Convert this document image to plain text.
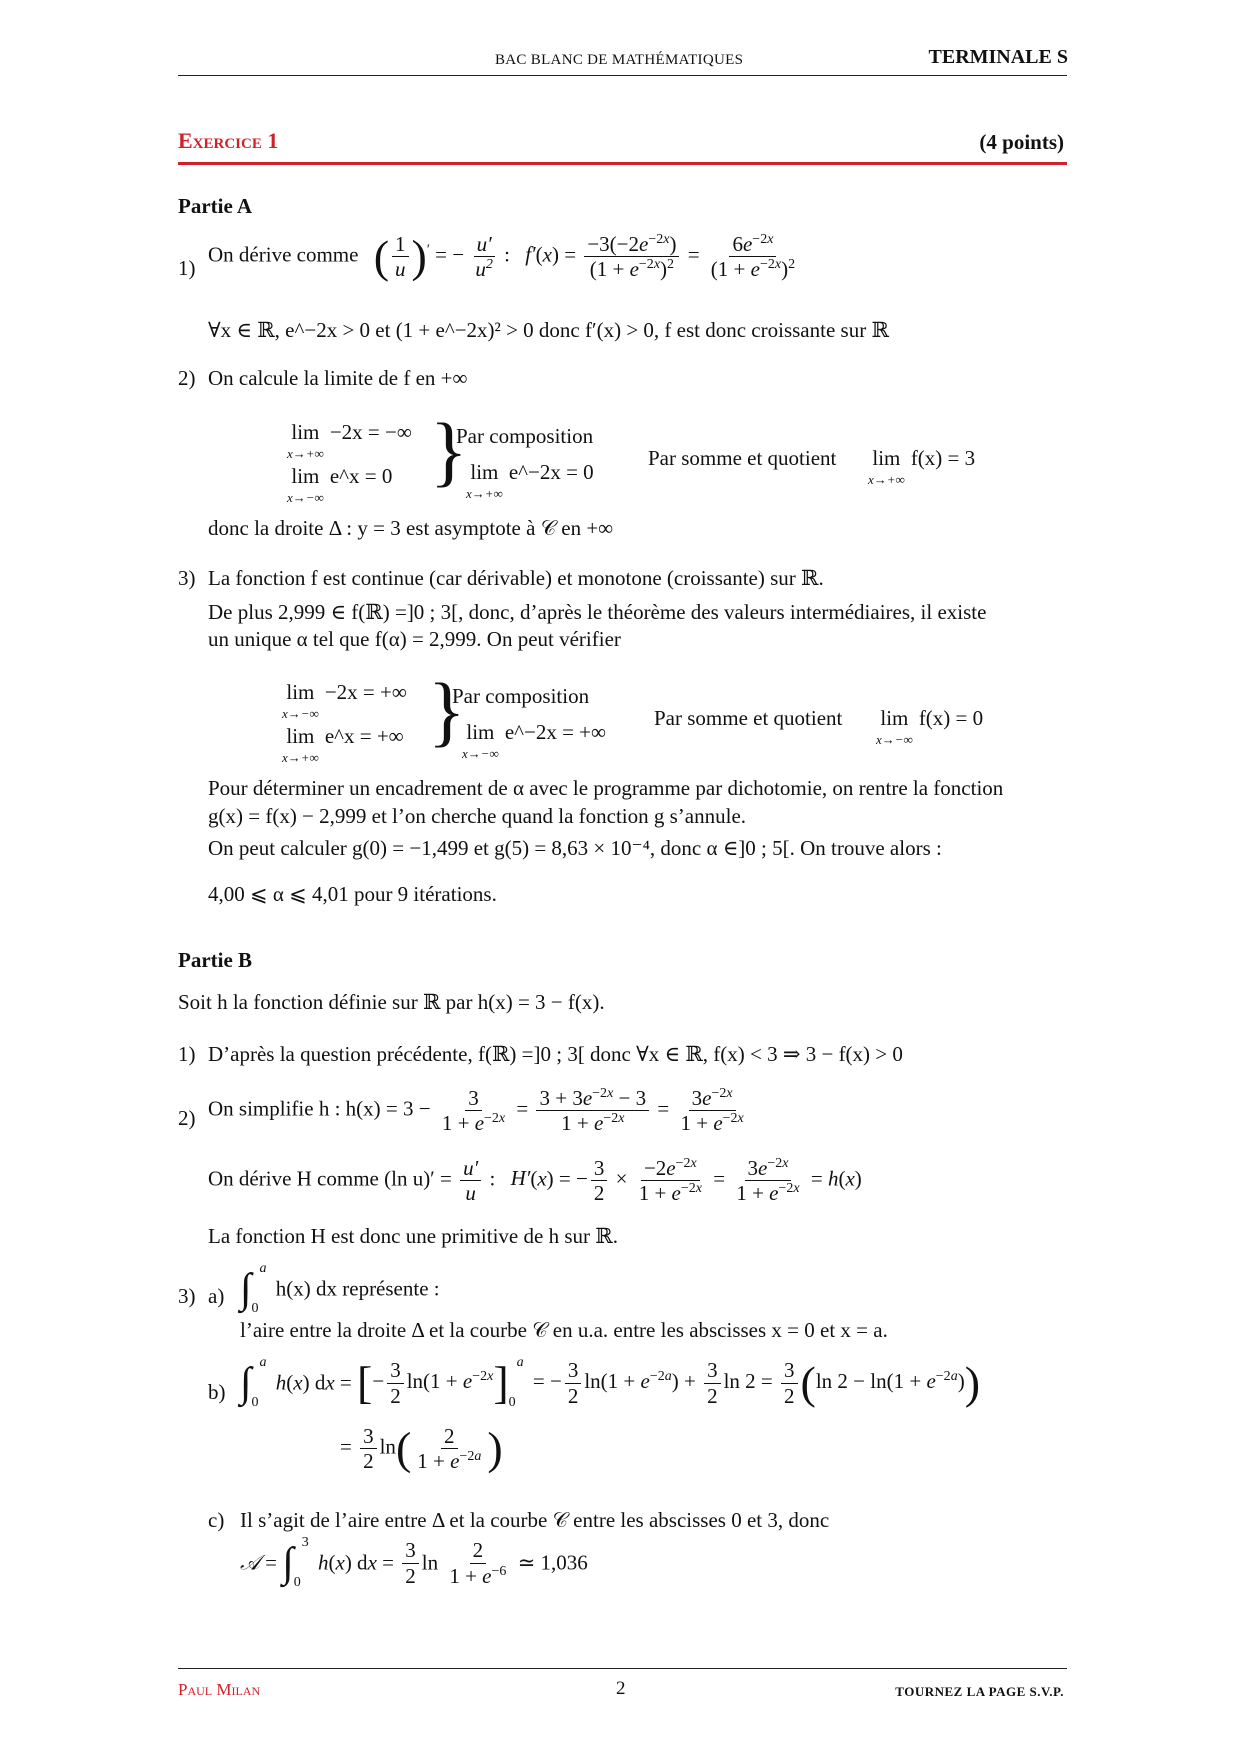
BAC BLANC DE MATHÉMATIQUES	TERMINALE S
Exercice 1	(4 points)
Partie A
1)
On dérive comme ( $\frac{1}{u} )'$ = − $\frac{u'}{u^2}$ : $f'(x) = \frac{-3(-2e^{-2x})}{(1 + e^{-2x})^2} = \frac{6e^{-2x}}{(1 + e^{-2x})^2}$
∀x ∈ ℝ, e^−2x > 0 et (1 + e^−2x)² > 0 donc f′(x) > 0, f est donc croissante sur ℝ
2) On calcule la limite de f en +∞
lim
x→+∞
−2x = −∞
lim
x→−∞
e^x = 0 }
Par composition
lim
x→+∞
e^−2x = 0
Par somme et quotient lim
x→+∞
f(x) = 3
donc la droite Δ : y = 3 est asymptote à 𝒞 en +∞
3) La fonction f est continue (car dérivable) et monotone (croissante) sur ℝ.
De plus 2,999 ∈ f(ℝ) =]0 ; 3[, donc, d’après le théorème des valeurs intermédiaires, il existe
un unique α tel que f(α) = 2,999. On peut vérifier
lim
x→−∞
−2x = +∞
lim
x→+∞
e^x = +∞ }
Par composition
lim
x→−∞
e^−2x = +∞
Par somme et quotient lim
x→−∞
f(x) = 0
Pour déterminer un encadrement de α avec le programme par dichotomie, on rentre la fonction
g(x) = f(x) − 2,999 et l’on cherche quand la fonction g s’annule.
On peut calculer g(0) = −1,499 et g(5) = 8,63 × 10⁻⁴, donc α ∈]0 ; 5[. On trouve alors :
4,00 ⩽ α ⩽ 4,01 pour 9 itérations.
Partie B
Soit h la fonction définie sur ℝ par h(x) = 3 − f(x).
1) D’après la question précédente, f(ℝ) =]0 ; 3[ donc ∀x ∈ ℝ, f(x) < 3 ⇒ 3 − f(x) > 0
2) On simplifie h : $h(x) = 3 - \frac{3}{1 + e^{-2x}} = \frac{3 + 3e^{-2x} - 3}{1 + e^{-2x}} = \frac{3e^{-2x}}{1 + e^{-2x}}$
On dérive H comme (ln $u)' = \frac{u'}{u}$ : H′(x) = − $\frac{3}{2} \times \frac{-2e^{-2x}}{1 + e^{-2x}} = \frac{3e^{-2x}}{1 + e^{-2x}} = h(x)$
La fonction H est donc une primitive de h sur ℝ.
3) a) ∫ a
0
h(x) dx représente :
l’aire entre la droite Δ et la courbe 𝒞 en u.a. entre les abscisses x = 0 et x = a.
b) ∫ a
0
h(x) dx = [− $\frac{3}{2} \ln(1 + e^{-2x}]$ a
0
= − $\frac{3}{2} \ln(1 + e^{-2a}) + \frac{3}{2}$ $\ln 2 = \frac{3}{2} (\ln$ $2 - \ln(1 + e^{-2a})$)
= $\frac{3}{2} \ln( \frac{2}{1 + e^{-2a}}$ )
c) Il s’agit de l’aire entre Δ et la courbe 𝒞 entre les abscisses 0 et 3, donc
𝒜 = ∫ 3
0
h(x) dx = $\frac{3}{2}$ $\ln \frac{2}{1 + e^{-6}}$ ≃ 1,036
Paul Milan	2	TOURNEZ LA PAGE S.V.P.
